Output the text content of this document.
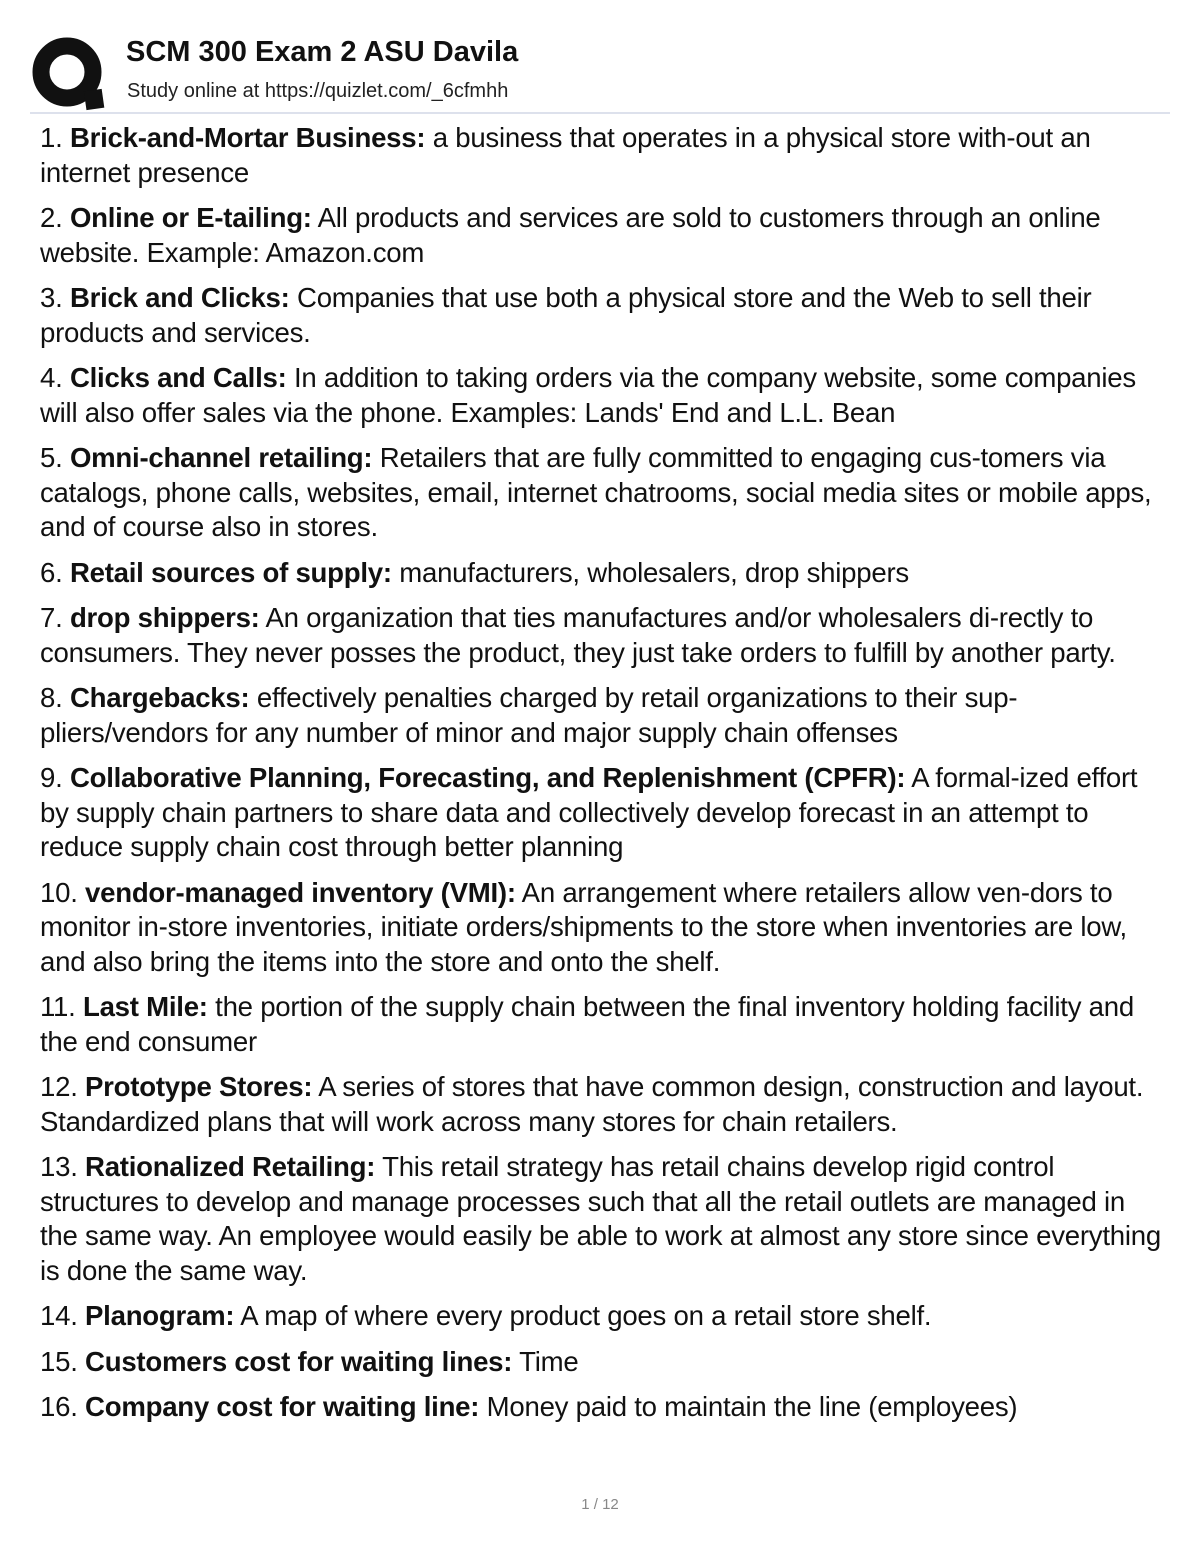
SCM 300 Exam 2 ASU Davila
Study online at https://quizlet.com/_6cfmhh
1. Brick-and-Mortar Business: a business that operates in a physical store with-out an internet presence
2. Online or E-tailing: All products and services are sold to customers through an online website. Example: Amazon.com
3. Brick and Clicks: Companies that use both a physical store and the Web to sell their products and services.
4. Clicks and Calls: In addition to taking orders via the company website, some companies will also offer sales via the phone. Examples: Lands' End and L.L. Bean
5. Omni-channel retailing: Retailers that are fully committed to engaging cus-tomers via catalogs, phone calls, websites, email, internet chatrooms, social media sites or mobile apps, and of course also in stores.
6. Retail sources of supply: manufacturers, wholesalers, drop shippers
7. drop shippers: An organization that ties manufactures and/or wholesalers di-rectly to consumers. They never posses the product, they just take orders to fulfill by another party.
8. Chargebacks: effectively penalties charged by retail organizations to their sup-pliers/vendors for any number of minor and major supply chain offenses
9. Collaborative Planning, Forecasting, and Replenishment (CPFR): A formal-ized effort by supply chain partners to share data and collectively develop forecast in an attempt to reduce supply chain cost through better planning
10. vendor-managed inventory (VMI): An arrangement where retailers allow ven-dors to monitor in-store inventories, initiate orders/shipments to the store when inventories are low, and also bring the items into the store and onto the shelf.
11. Last Mile: the portion of the supply chain between the final inventory holding facility and the end consumer
12. Prototype Stores: A series of stores that have common design, construction and layout. Standardized plans that will work across many stores for chain retailers.
13. Rationalized Retailing: This retail strategy has retail chains develop rigid control structures to develop and manage processes such that all the retail outlets are managed in the same way. An employee would easily be able to work at almost any store since everything is done the same way.
14. Planogram: A map of where every product goes on a retail store shelf.
15. Customers cost for waiting lines: Time
16. Company cost for waiting line: Money paid to maintain the line (employees)
1 / 12
